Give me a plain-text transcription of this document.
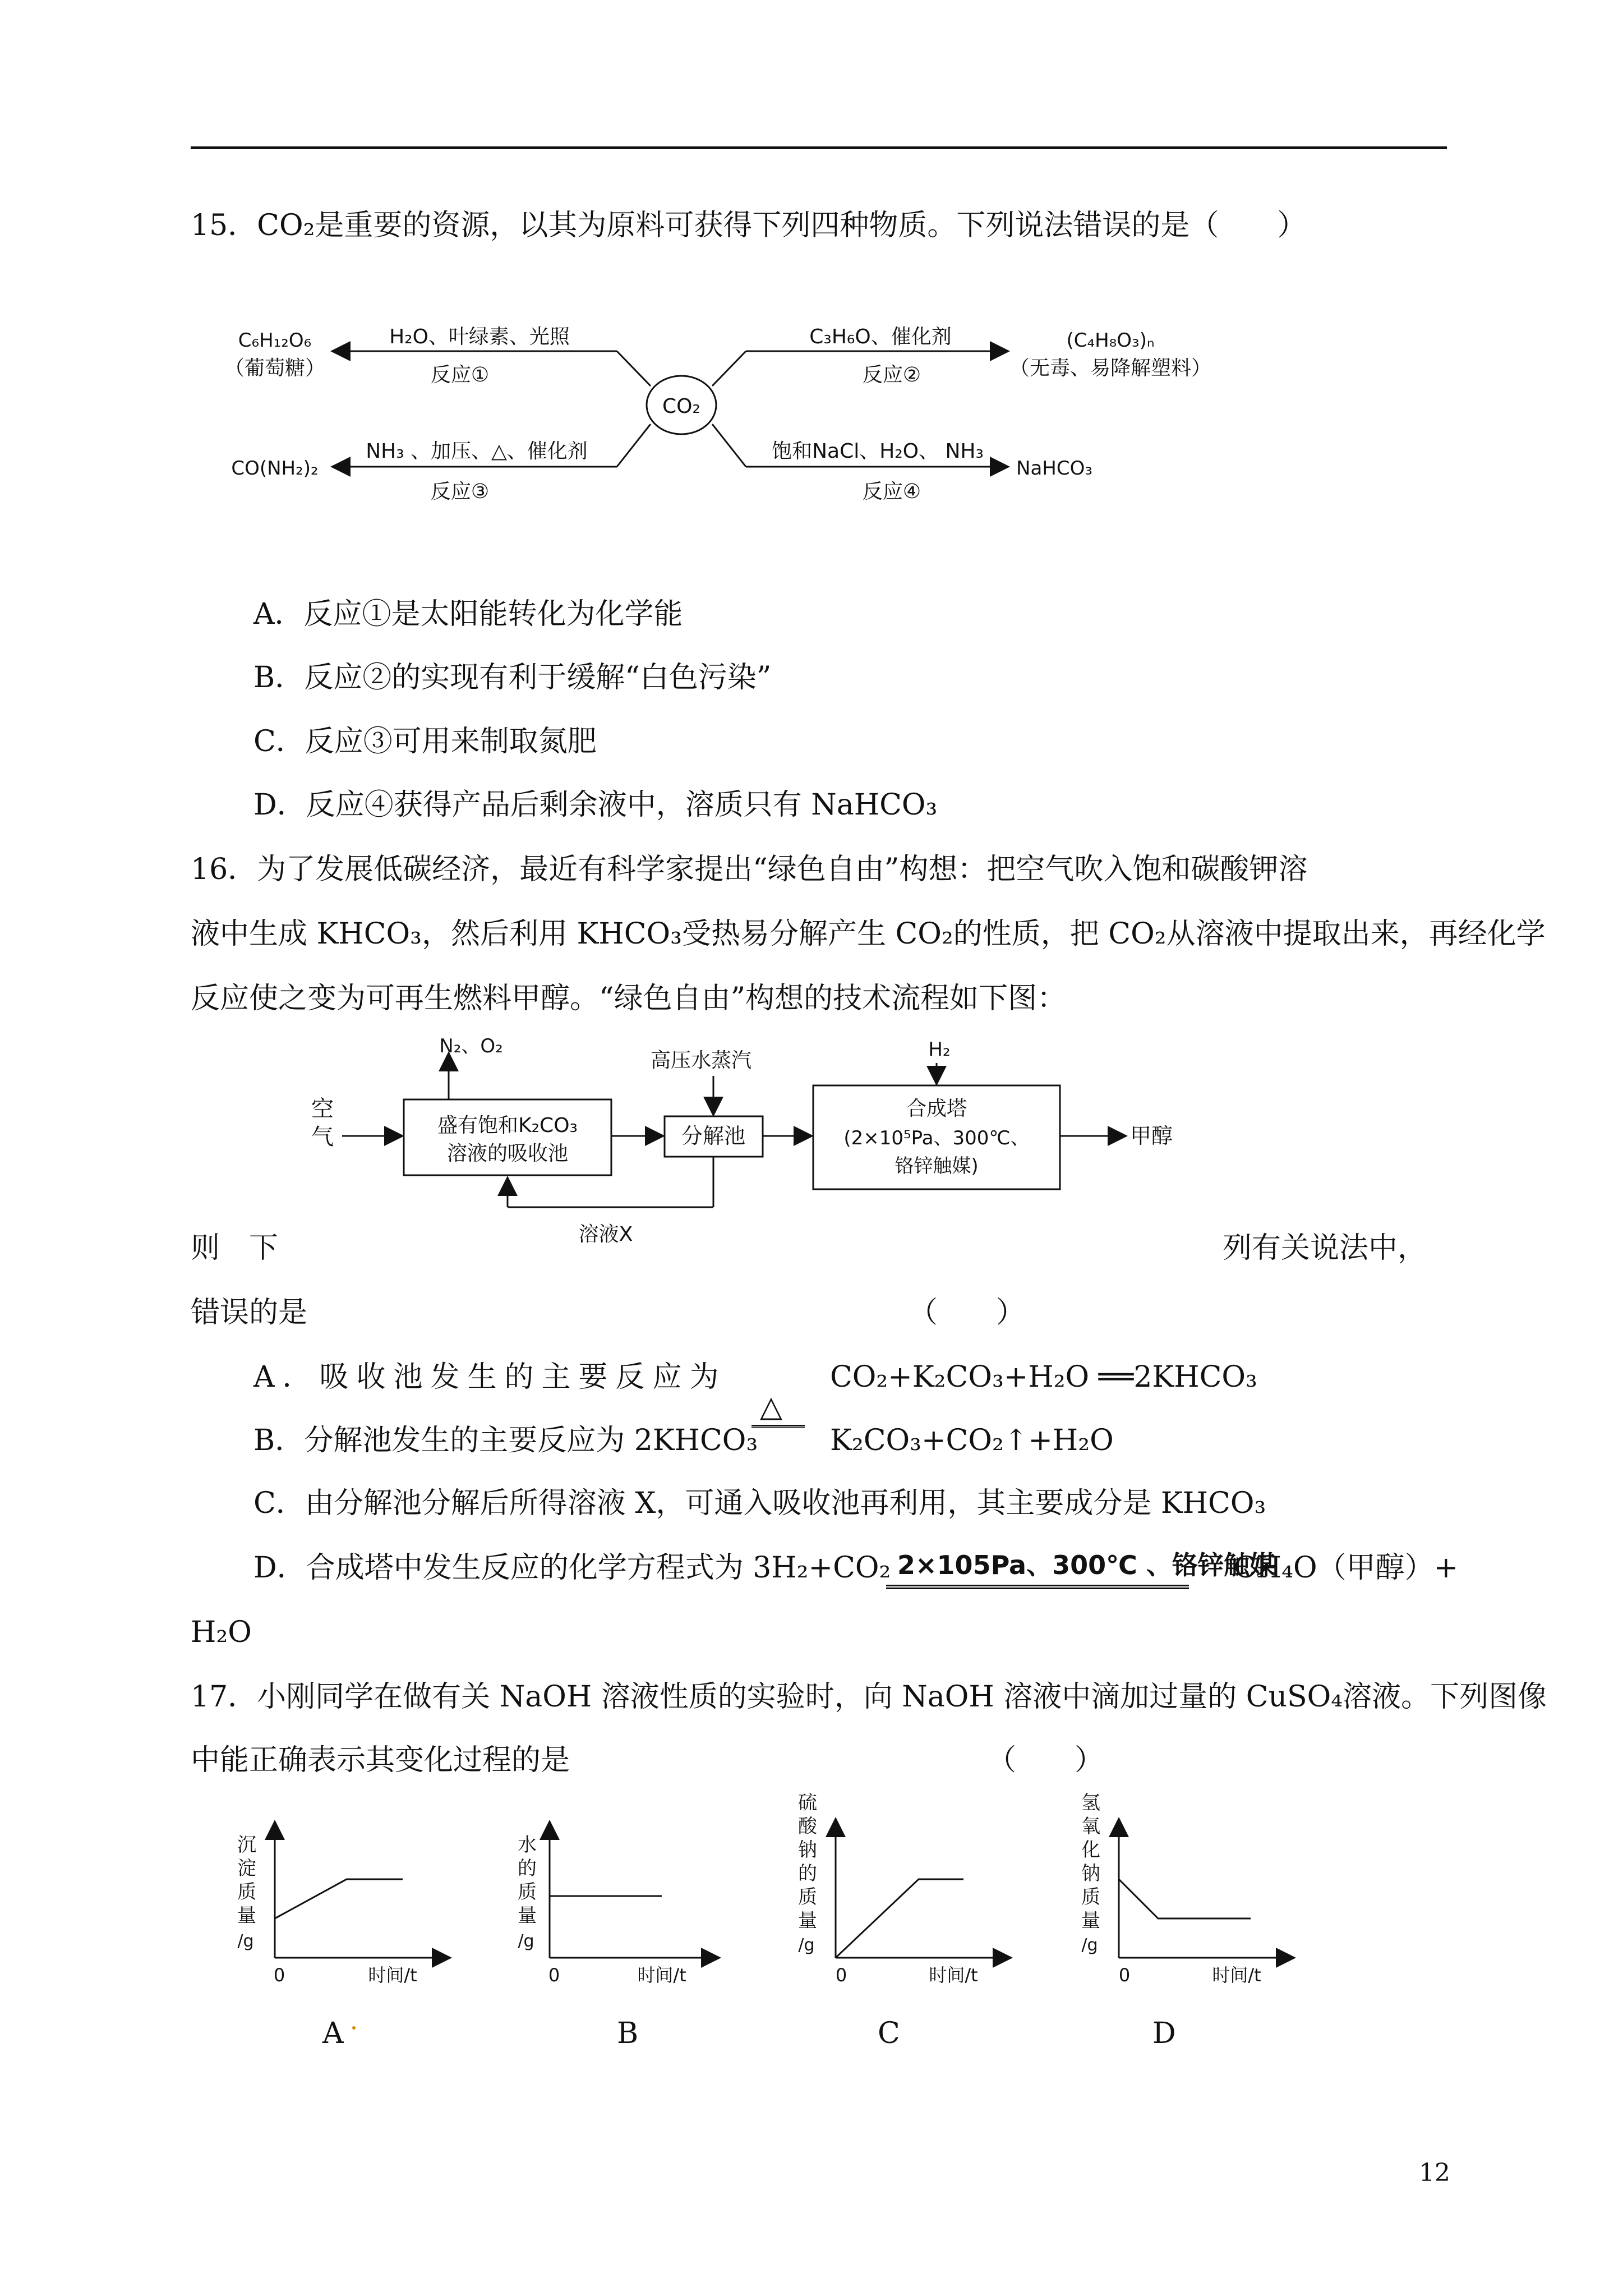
15．CO₂是重要的资源，以其为原料可获得下列四种物质。下列说法错误的是（　　）
CO₂
H₂O、叶绿素、光照
反应①
C₆H₁₂O₆
（葡萄糖）
C₃H₆O、催化剂
反应②
(C₄H₈O₃)ₙ
（无毒、易降解塑料）
NH₃ 、加压、△、催化剂
反应③
CO(NH₂)₂
饱和NaCl、H₂O、 NH₃
反应④
NaHCO₃
A．反应①是太阳能转化为化学能
B．反应②的实现有利于缓解“白色污染”
C．反应③可用来制取氮肥
D．反应④获得产品后剩余液中，溶质只有 NaHCO₃
16．为了发展低碳经济，最近有科学家提出“绿色自由”构想：把空气吹入饱和碳酸钾溶
液中生成 KHCO₃，然后利用 KHCO₃受热易分解产生 CO₂的性质，把 CO₂从溶液中提取出来，再经化学
反应使之变为可再生燃料甲醇。“绿色自由”构想的技术流程如下图：
空
气	盛有饱和K₂CO₃
溶液的吸收池
N₂、O₂
分解池
高压水蒸汽
合成塔
(2×10⁵Pa、300℃、
铬锌触媒)
H₂
甲醇
溶液X
则　下	列有关说法中，
错误的是	（　　）
A．吸收池发生的主要反应为	CO₂+K₂CO₃+H₂O ══2KHCO₃
B．分解池发生的主要反应为 2KHCO₃
△
K₂CO₃+CO₂↑+H₂O
C．由分解池分解后所得溶液 X，可通入吸收池再利用，其主要成分是 KHCO₃
D．合成塔中发生反应的化学方程式为 3H₂+CO₂ 2×105Pa、300℃ 、铬锌触媒
CH₄O（甲醇）+
H₂O
17．小刚同学在做有关 NaOH 溶液性质的实验时，向 NaOH 溶液中滴加过量的 CuSO₄溶液。下列图像
中能正确表示其变化过程的是	（　　）
沉
淀
质
量
/g
0	时间/t
水
的
质
量
/g
0	时间/t
硫
酸
钠
的
质
量
/g
0	时间/t
氢
氧
化
钠
质
量
/g
0	时间/t
A	B	C	D
12
